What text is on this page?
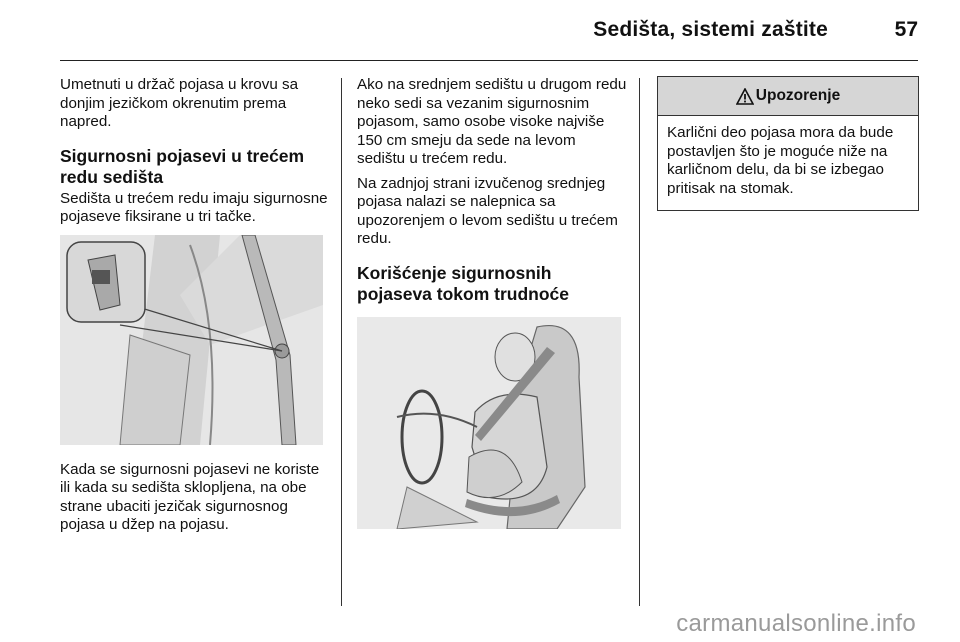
Sedišta, sistemi zaštite	57

Umetnuti u držač pojasa u krovu sa donjim jezičkom okrenutim prema napred.

Sigurnosni pojasevi u trećem redu sedišta

Sedišta u trećem redu imaju sigurnosne pojaseve fiksirane u tri tačke.

Kada se sigurnosni pojasevi ne koriste ili kada su sedišta sklopljena, na obe strane ubaciti jezičak sigurnosnog pojasa u džep na pojasu.

Ako na srednjem sedištu u drugom redu neko sedi sa vezanim sigurnosnim pojasom, samo osobe visoke najviše 150 cm smeju da sede na levom sedištu u trećem redu.

Na zadnjoj strani izvučenog srednjeg pojasa nalazi se nalepnica sa upozorenjem o levom sedištu u trećem redu.

Korišćenje sigurnosnih pojaseva tokom trudnoće
Upozorenje
Karlični deo pojasa mora da bude postavljen što je moguće niže na karličnom delu, da bi se izbegao pritisak na stomak.
carmanualsonline.info
